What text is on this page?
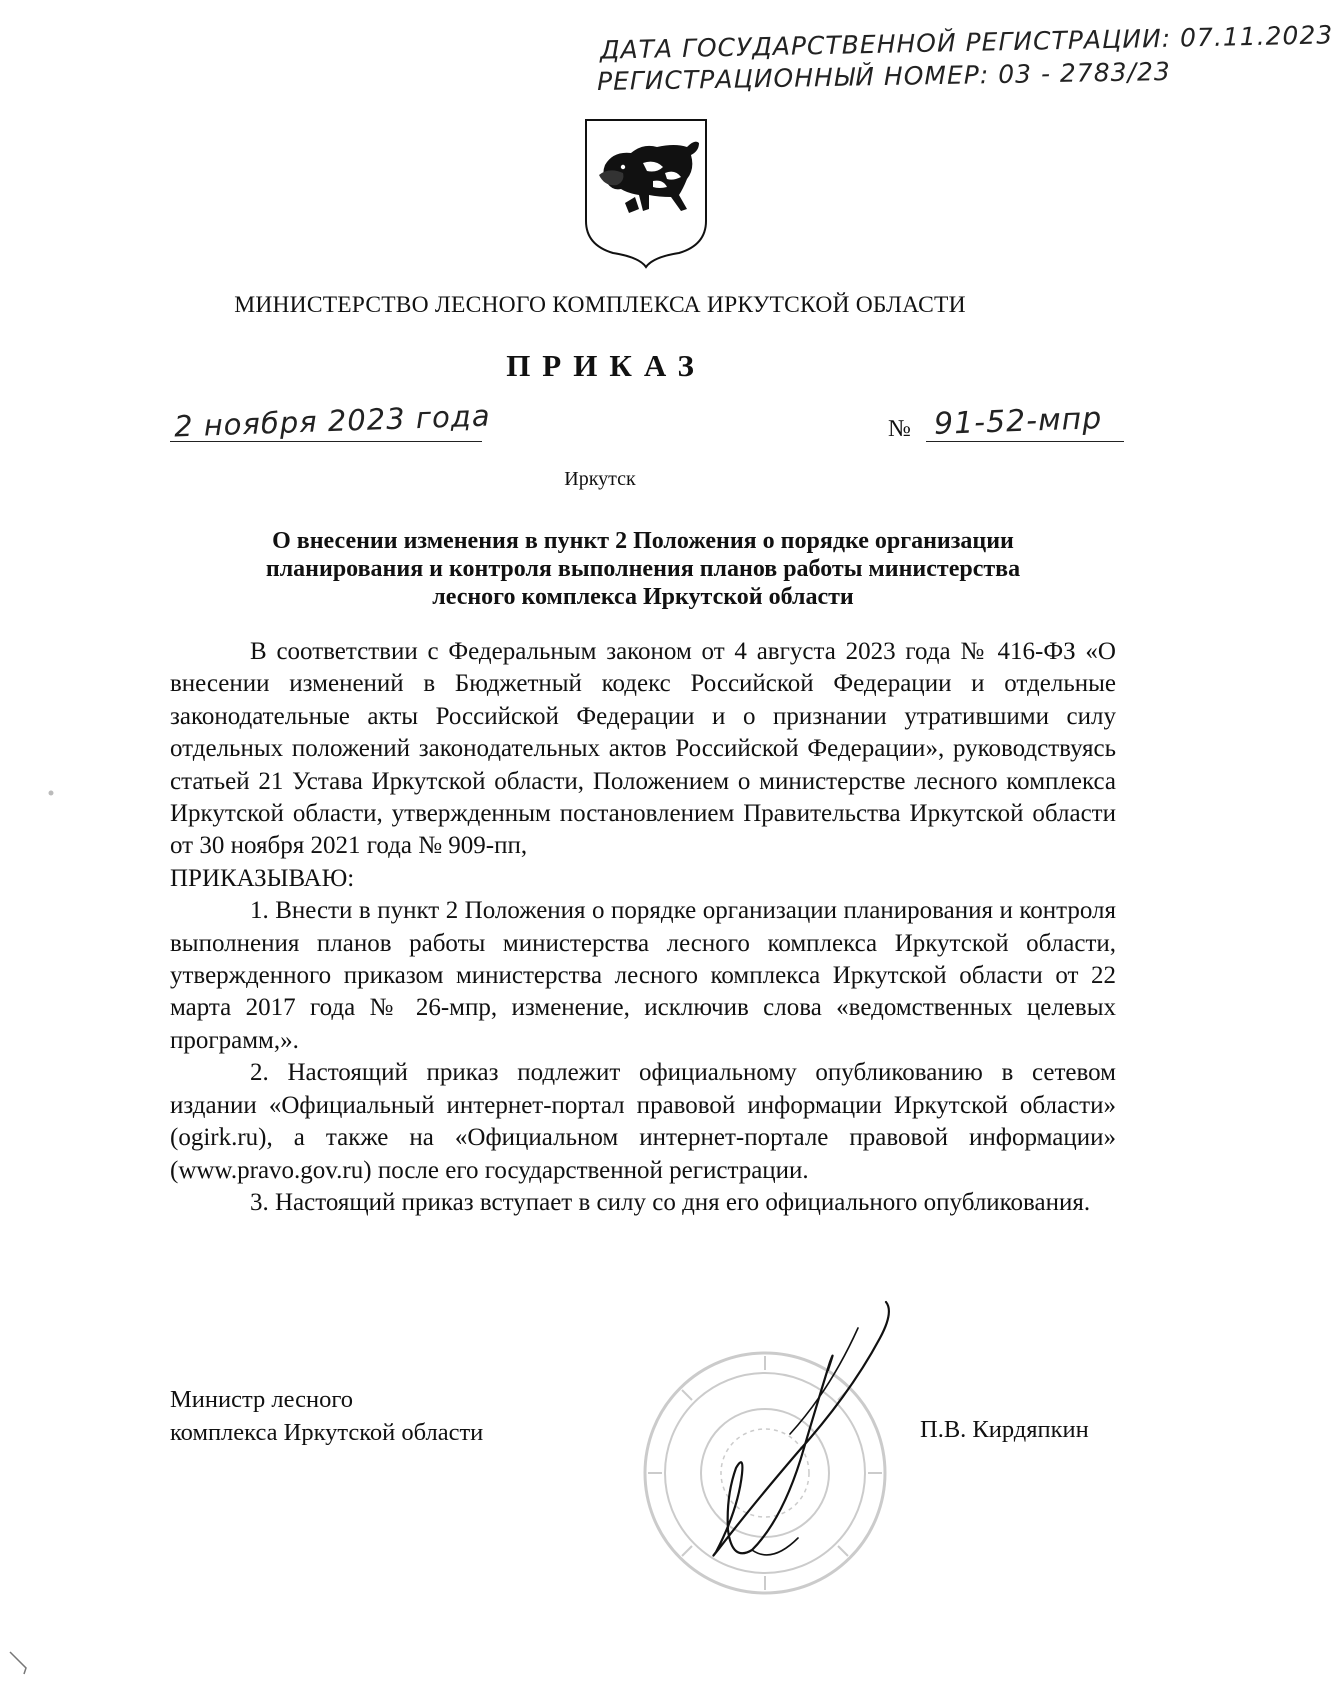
ДАТА ГОСУДАРСТВЕННОЙ РЕГИСТРАЦИИ: 07.11.2023
РЕГИСТРАЦИОННЫЙ НОМЕР: 03 - 2783/23
МИНИСТЕРСТВО ЛЕСНОГО КОМПЛЕКСА ИРКУТСКОЙ ОБЛАСТИ
ПРИКАЗ
2 ноября 2023 года	№ 91-52-мпр
Иркутск
О внесении изменения в пункт 2 Положения о порядке организации
планирования и контроля выполнения планов работы министерства
лесного комплекса Иркутской области

В соответствии с Федеральным законом от 4 августа 2023 года № 416-ФЗ «О внесении изменений в Бюджетный кодекс Российской Федерации и отдельные законодательные акты Российской Федерации и о признании утратившими силу отдельных положений законодательных актов Российской Федерации», руководствуясь статьей 21 Устава Иркутской области, Положением о министерстве лесного комплекса Иркутской области, утвержденным постановлением Правительства Иркутской области от 30 ноября 2021 года № 909-пп,

ПРИКАЗЫВАЮ:

1. Внести в пункт 2 Положения о порядке организации планирования и контроля выполнения планов работы министерства лесного комплекса Иркутской области, утвержденного приказом министерства лесного комплекса Иркутской области от 22 марта 2017 года № 26-мпр, изменение, исключив слова «ведомственных целевых программ,».

2. Настоящий приказ подлежит официальному опубликованию в сетевом издании «Официальный интернет-портал правовой информации Иркутской области» (ogirk.ru), а также на «Официальном интернет-портале правовой информации» (www.pravo.gov.ru) после его государственной регистрации.

3. Настоящий приказ вступает в силу со дня его официального опубликования.

Министр лесного
комплекса Иркутской области	П.В. Кирдяпкин
